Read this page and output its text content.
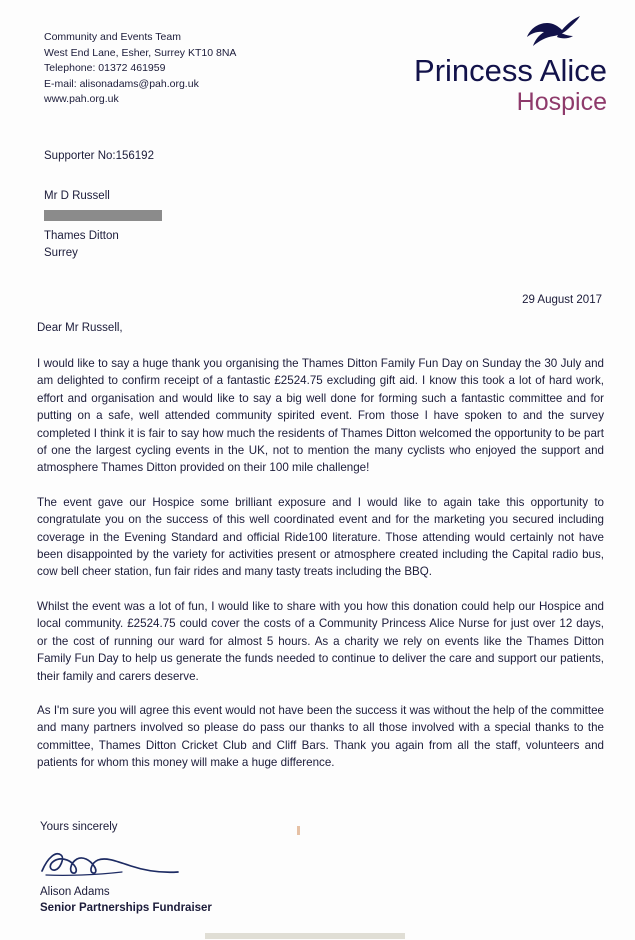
Community and Events Team
West End Lane, Esher, Surrey KT10 8NA
Telephone: 01372 461959
E-mail: alisonadams@pah.org.uk
www.pah.org.uk
Princess Alice
Hospice
Supporter No:156192
Mr D Russell
Thames Ditton
Surrey
29 August 2017
Dear Mr Russell,

I would like to say a huge thank you organising the Thames Ditton Family Fun Day on Sunday the 30 July and am delighted to confirm receipt of a fantastic £2524.75 excluding gift aid. I know this took a lot of hard work, effort and organisation and would like to say a big well done for forming such a fantastic committee and for putting on a safe, well attended community spirited event. From those I have spoken to and the survey completed I think it is fair to say how much the residents of Thames Ditton welcomed the opportunity to be part of one the largest cycling events in the UK, not to mention the many cyclists who enjoyed the support and atmosphere Thames Ditton provided on their 100 mile challenge!

The event gave our Hospice some brilliant exposure and I would like to again take this opportunity to congratulate you on the success of this well coordinated event and for the marketing you secured including coverage in the Evening Standard and official Ride100 literature. Those attending would certainly not have been disappointed by the variety for activities present or atmosphere created including the Capital radio bus, cow bell cheer station, fun fair rides and many tasty treats including the BBQ.

Whilst the event was a lot of fun, I would like to share with you how this donation could help our Hospice and local community. £2524.75 could cover the costs of a Community Princess Alice Nurse for just over 12 days, or the cost of running our ward for almost 5 hours. As a charity we rely on events like the Thames Ditton Family Fun Day to help us generate the funds needed to continue to deliver the care and support our patients, their family and carers deserve.

As I'm sure you will agree this event would not have been the success it was without the help of the committee and many partners involved so please do pass our thanks to all those involved with a special thanks to the committee, Thames Ditton Cricket Club and Cliff Bars. Thank you again from all the staff, volunteers and patients for whom this money will make a huge difference.

Yours sincerely
Alison Adams
Senior Partnerships Fundraiser
